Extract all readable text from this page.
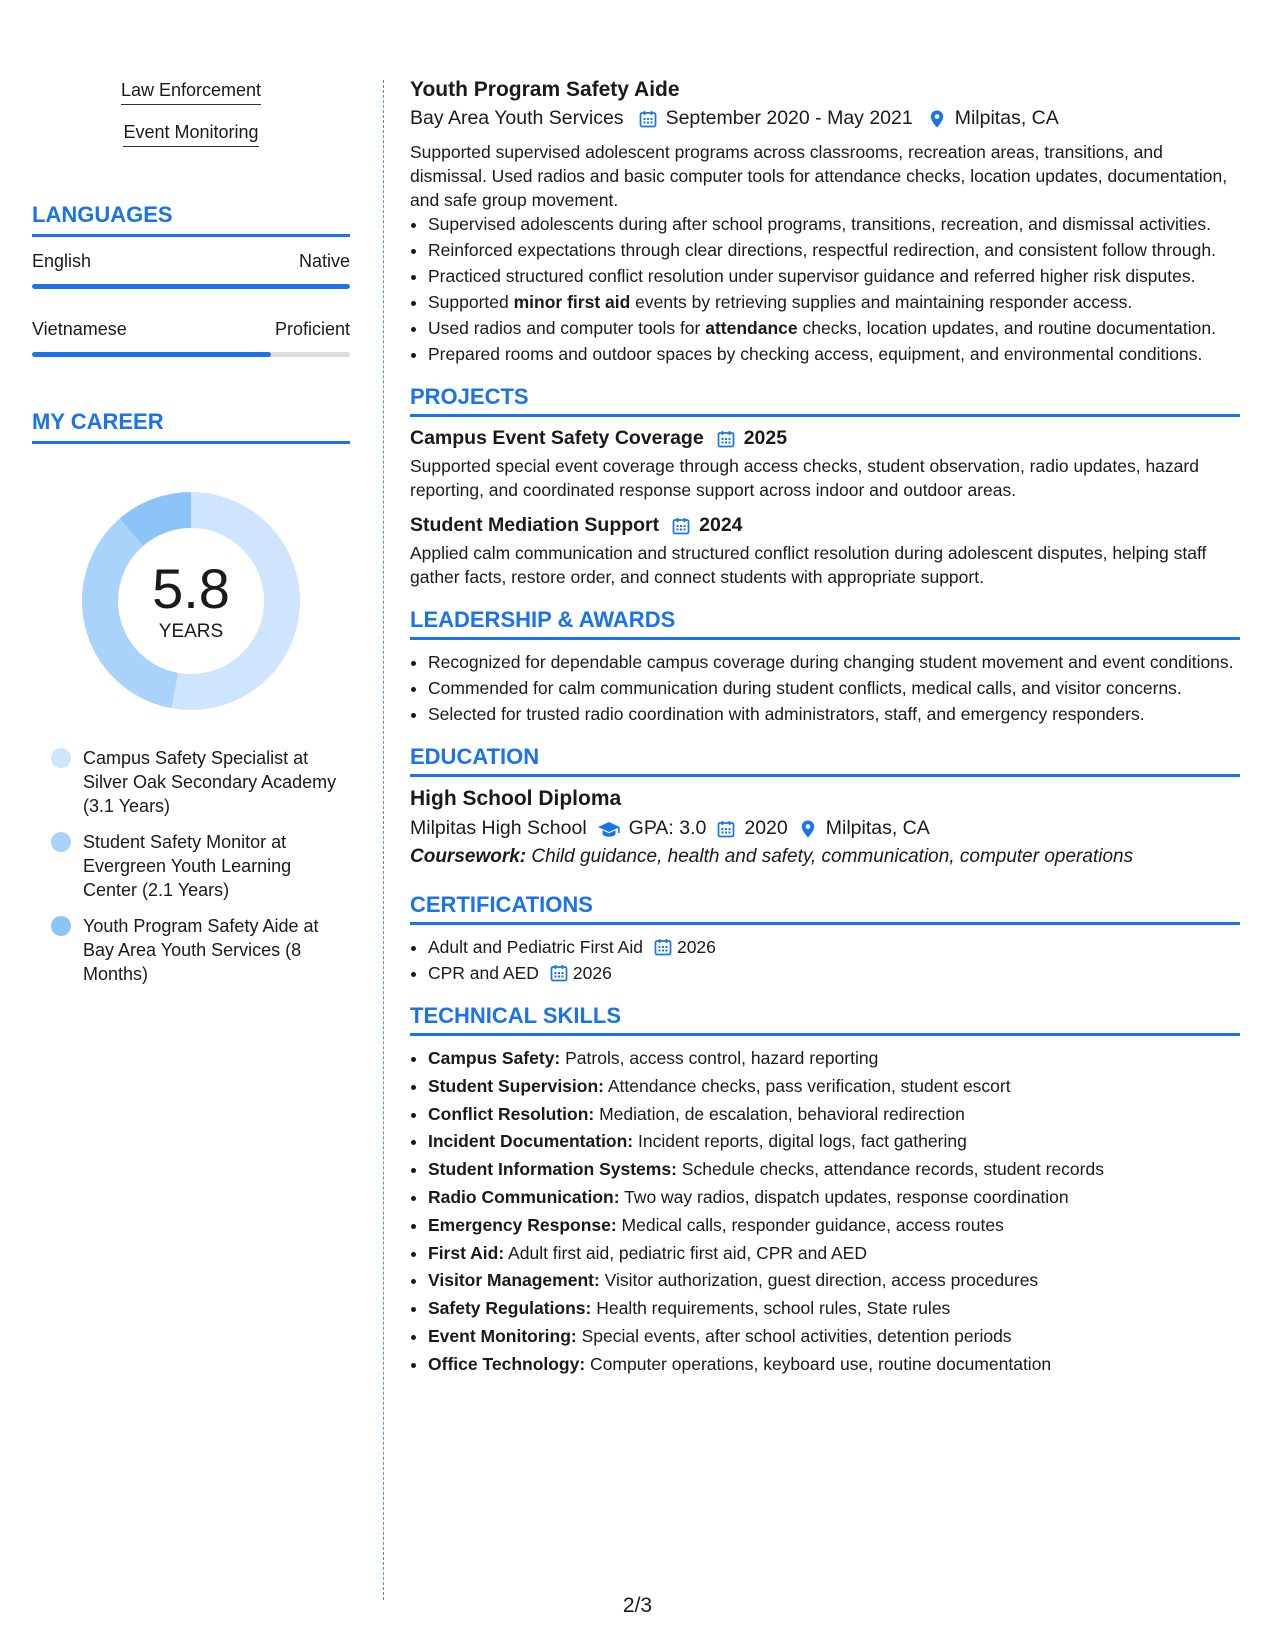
Law Enforcement
Event Monitoring
LANGUAGES
English	Native
Vietnamese	Proficient
MY CAREER
5.8
YEARS
Campus Safety Specialist at Silver Oak Secondary Academy (3.1 Years)
Student Safety Monitor at Evergreen Youth Learning Center (2.1 Years)
Youth Program Safety Aide at Bay Area Youth Services (8 Months)
Youth Program Safety Aide
Bay Area Youth Services September 2020 - May 2021 Milpitas, CA

Supported supervised adolescent programs across classrooms, recreation areas, transitions, and dismissal. Used radios and basic computer tools for attendance checks, location updates, documentation, and safe group movement.

• Supervised adolescents during after school programs, transitions, recreation, and dismissal activities.
• Reinforced expectations through clear directions, respectful redirection, and consistent follow through.
• Practiced structured conflict resolution under supervisor guidance and referred higher risk disputes.
• Supported minor first aid events by retrieving supplies and maintaining responder access.
• Used radios and computer tools for attendance checks, location updates, and routine documentation.
• Prepared rooms and outdoor spaces by checking access, equipment, and environmental conditions.
PROJECTS
Campus Event Safety Coverage 2025

Supported special event coverage through access checks, student observation, radio updates, hazard reporting, and coordinated response support across indoor and outdoor areas.

Student Mediation Support 2024

Applied calm communication and structured conflict resolution during adolescent disputes, helping staff gather facts, restore order, and connect students with appropriate support.

LEADERSHIP & AWARDS
• Recognized for dependable campus coverage during changing student movement and event conditions.
• Commended for calm communication during student conflicts, medical calls, and visitor concerns.
• Selected for trusted radio coordination with administrators, staff, and emergency responders.
EDUCATION
High School Diploma
Milpitas High School GPA: 3.0 2020 Milpitas, CA
Coursework: Child guidance, health and safety, communication, computer operations
CERTIFICATIONS
• Adult and Pediatric First Aid 2026
• CPR and AED 2026
TECHNICAL SKILLS
• Campus Safety: Patrols, access control, hazard reporting
• Student Supervision: Attendance checks, pass verification, student escort
• Conflict Resolution: Mediation, de escalation, behavioral redirection
• Incident Documentation: Incident reports, digital logs, fact gathering
• Student Information Systems: Schedule checks, attendance records, student records
• Radio Communication: Two way radios, dispatch updates, response coordination
• Emergency Response: Medical calls, responder guidance, access routes
• First Aid: Adult first aid, pediatric first aid, CPR and AED
• Visitor Management: Visitor authorization, guest direction, access procedures
• Safety Regulations: Health requirements, school rules, State rules
• Event Monitoring: Special events, after school activities, detention periods
• Office Technology: Computer operations, keyboard use, routine documentation
2/3
